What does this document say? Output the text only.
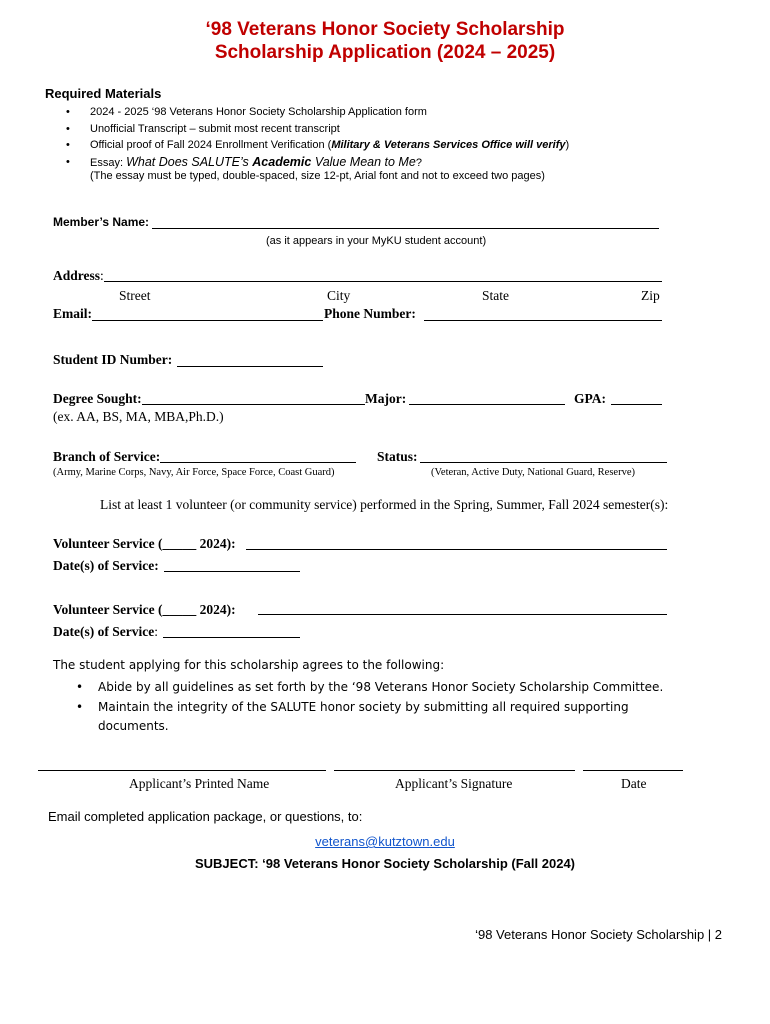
‘98 Veterans Honor Society Scholarship
Scholarship Application (2024 – 2025)
Required Materials
•	2024 - 2025 ‘98 Veterans Honor Society Scholarship Application form
•	Unofficial Transcript – submit most recent transcript
•	Official proof of Fall 2024 Enrollment Verification (Military & Veterans Services Office will verify)
•	Essay: What Does SALUTE’s Academic Value Mean to Me?
(The essay must be typed, double-spaced, size 12-pt, Arial font and not to exceed two pages)
Member’s Name:
(as it appears in your MyKU student account)
Address:
Street	City	State	Zip
Email:	Phone Number:
Student ID Number:
Degree Sought:	Major:	GPA:
(ex. AA, BS, MA, MBA,Ph.D.)
Branch of Service:	Status:
(Army, Marine Corps, Navy, Air Force, Space Force, Coast Guard)	(Veteran, Active Duty, National Guard, Reserve)
List at least 1 volunteer (or community service) performed in the Spring, Summer, Fall 2024 semester(s):
Volunteer Service (_____ 2024):
Date(s) of Service:
Volunteer Service (_____ 2024):
Date(s) of Service:
The student applying for this scholarship agrees to the following:
• Abide by all guidelines as set forth by the ‘98 Veterans Honor Society Scholarship Committee.
• Maintain the integrity of the SALUTE honor society by submitting all required supporting
documents.
Applicant’s Printed Name	Applicant’s Signature	Date
Email completed application package, or questions, to:
veterans@kutztown.edu
SUBJECT: ‘98 Veterans Honor Society Scholarship (Fall 2024)
‘98 Veterans Honor Society Scholarship | 2
